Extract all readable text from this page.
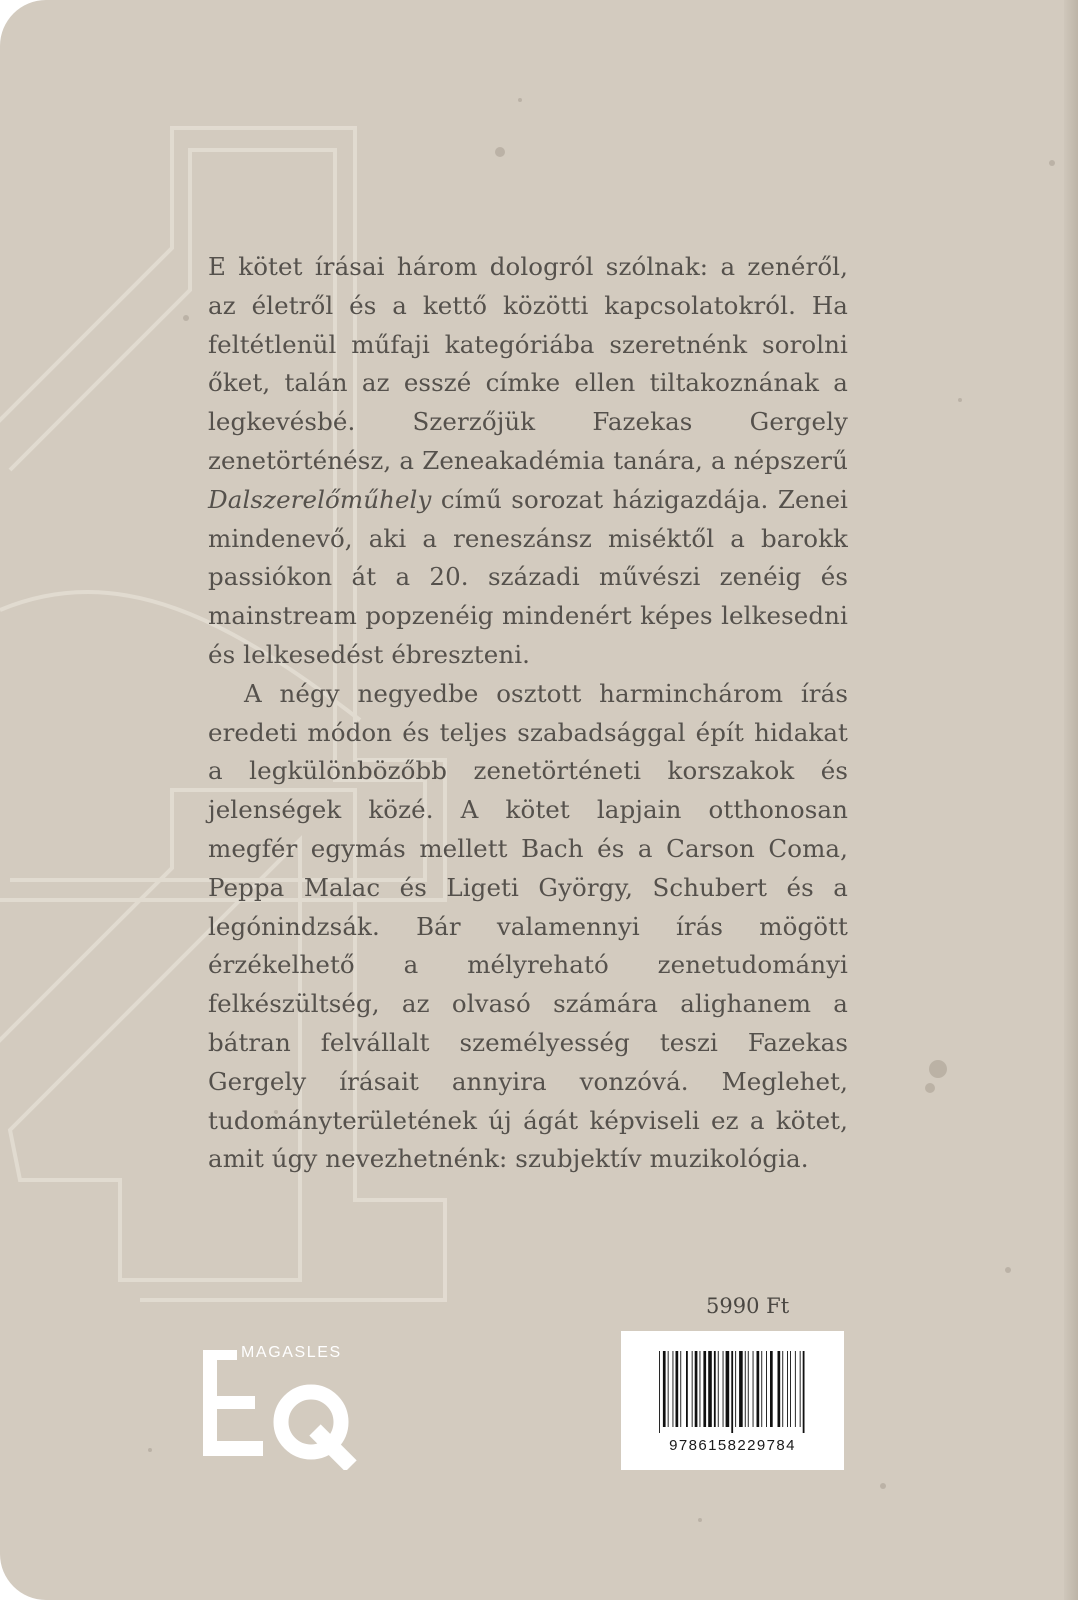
E kötet írásai három dologról szólnak: a zenéről, az életről és a kettő közötti kapcsolatokról. Ha feltétlenül műfaji kategóriába szeretnénk sorolni őket, talán az esszé címke ellen tiltakoznának a legkevésbé. Szerzőjük Fazekas Gergely zenetörténész, a Zeneakadémia tanára, a népszerű Dalszerelőműhely című sorozat házigazdája. Zenei mindenevő, aki a reneszánsz miséktől a barokk passiókon át a 20. századi művészi zenéig és mainstream popzenéig mindenért képes lelkesedni és lelkesedést ébreszteni.

A négy negyedbe osztott harminchárom írás eredeti módon és teljes szabadsággal épít hidakat a legkülönbözőbb zenetörténeti korszakok és jelenségek közé. A kötet lapjain otthonosan megfér egymás mellett Bach és a Carson Coma, Peppa Malac és Ligeti György, Schubert és a legónindzsák. Bár valamennyi írás mögött érzékelhető a mélyreható zenetudományi felkészültség, az olvasó számára alighanem a bátran felvállalt személyesség teszi Fazekas Gergely írásait annyira vonzóvá. Meglehet, tudományterületének új ágát képviseli ez a kötet, amit úgy nevezhetnénk: szubjektív muzikológia.

5990 Ft
9786158229784
MAGASLES
